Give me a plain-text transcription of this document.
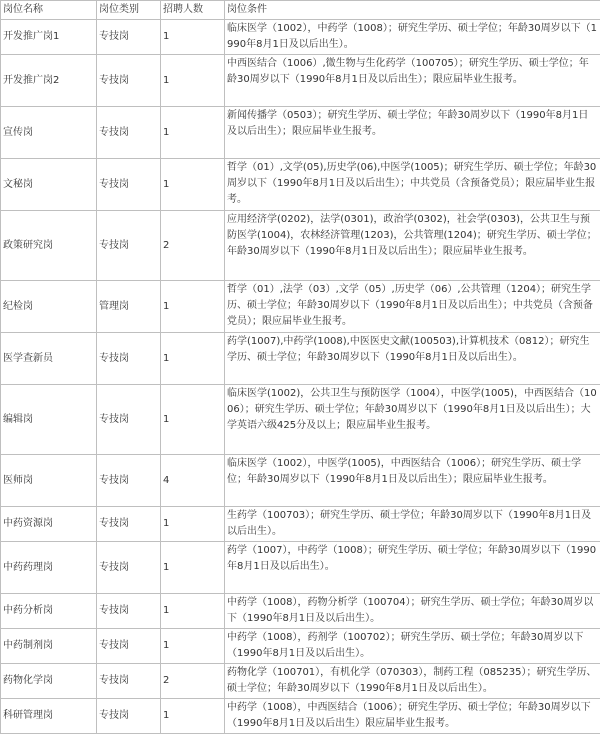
岗位名称	岗位类别	招聘人数	岗位条件
开发推广岗1	专技岗	1	临床医学（1002），中药学（1008）；研究生学历、硕士学位；年龄30周岁以下（1990年8月1日及以后出生）。
开发推广岗2	专技岗	1	中西医结合（1006）,微生物与生化药学（100705）；研究生学历、硕士学位；年龄30周岁以下（1990年8月1日及以后出生）；限应届毕业生报考。
宣传岗	专技岗	1	新闻传播学（0503）；研究生学历、硕士学位；年龄30周岁以下（1990年8月1日及以后出生）；限应届毕业生报考。
文秘岗	专技岗	1	哲学（01）,文学(05),历史学(06),中医学(1005)；研究生学历、硕士学位；年龄30周岁以下（1990年8月1日及以后出生）；中共党员（含预备党员）；限应届毕业生报考。
政策研究岗	专技岗	2	应用经济学(0202)，法学(0301)，政治学(0302)，社会学(0303)，公共卫生与预防医学(1004)，农林经济管理(1203)，公共管理(1204)；研究生学历、硕士学位；年龄30周岁以下（1990年8月1日及以后出生）；限应届毕业生报考。
纪检岗	管理岗	1	哲学（01）,法学（03）,文学（05）,历史学（06）,公共管理（1204）；研究生学历、硕士学位；年龄30周岁以下（1990年8月1日及以后出生）；中共党员（含预备党员）；限应届毕业生报考。
医学查新员	专技岗	1	药学(1007),中药学(1008),中医医史文献(100503),计算机技术（0812）；研究生学历、硕士学位；年龄30周岁以下（1990年8月1日及以后出生）。
编辑岗	专技岗	1	临床医学(1002)，公共卫生与预防医学（1004），中医学(1005)，中西医结合（1006）；研究生学历、硕士学位；年龄30周岁以下（1990年8月1日及以后出生）；大学英语六级425分及以上；限应届毕业生报考。
医师岗	专技岗	4	临床医学（1002），中医学(1005)，中西医结合（1006）；研究生学历、硕士学位；年龄30周岁以下（1990年8月1日及以后出生）；限应届毕业生报考。
中药资源岗	专技岗	1	生药学（100703）；研究生学历、硕士学位；年龄30周岁以下（1990年8月1日及以后出生）。
中药药理岗	专技岗	1	药学（1007），中药学（1008）；研究生学历、硕士学位；年龄30周岁以下（1990年8月1日及以后出生）。
中药分析岗	专技岗	1	中药学（1008），药物分析学（100704）；研究生学历、硕士学位；年龄30周岁以下（1990年8月1日及以后出生）。
中药制剂岗	专技岗	1	中药学（1008），药剂学（100702）；研究生学历、硕士学位；年龄30周岁以下（1990年8月1日及以后出生）。
药物化学岗	专技岗	2	药物化学（100701），有机化学（070303），制药工程（085235）；研究生学历、硕士学位；年龄30周岁以下（1990年8月1日及以后出生）。
科研管理岗	专技岗	1	中药学（1008），中西医结合（1006）；研究生学历、硕士学位；年龄30周岁以下（1990年8月1日及以后出生）限应届毕业生报考。
